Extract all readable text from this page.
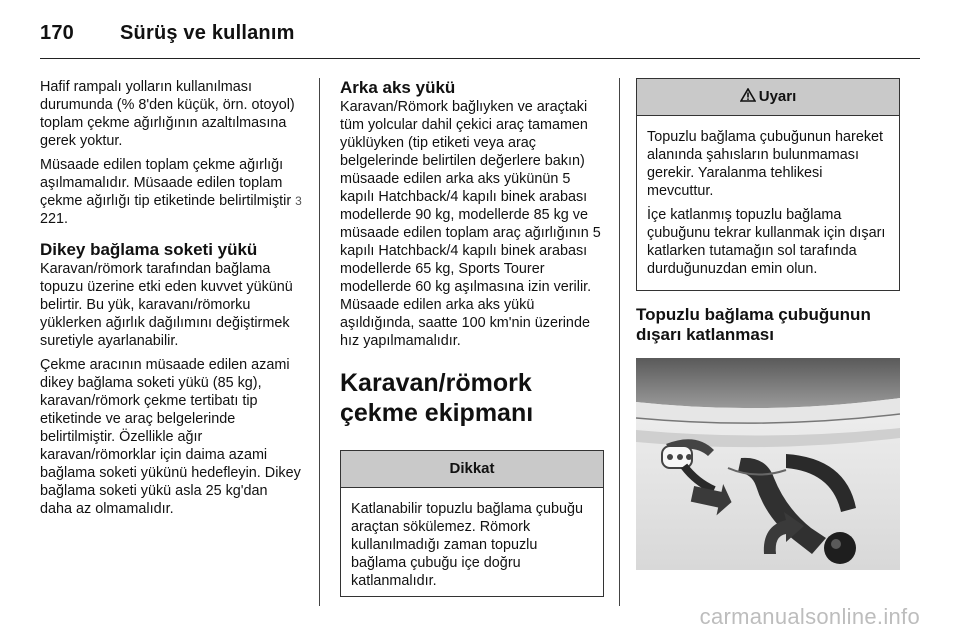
170 Sürüş ve kullanım

Hafif rampalı yolların kullanılması durumunda (% 8'den küçük, örn. otoyol) toplam çekme ağırlığının azaltılmasına gerek yoktur.

Müsaade edilen toplam çekme ağırlığı aşılmamalıdır. Müsaade edilen toplam çekme ağırlığı tip etiketinde belirtilmiştir 3 221.

Dikey bağlama soketi yükü

Karavan/römork tarafından bağlama topuzu üzerine etki eden kuvvet yükünü belirtir. Bu yük, karavanı/römorku yüklerken ağırlık dağılımını değiştirmek suretiyle ayarlanabilir.

Çekme aracının müsaade edilen azami dikey bağlama soketi yükü (85 kg), karavan/römork çekme tertibatı tip etiketinde ve araç belgelerinde belirtilmiştir. Özellikle ağır karavan/römorklar için daima azami bağlama soketi yükünü hedefleyin. Dikey bağlama soketi yükü asla 25 kg'dan daha az olmamalıdır.

Arka aks yükü

Karavan/Römork bağlıyken ve araçtaki tüm yolcular dahil çekici araç tamamen yüklüyken (tip etiketi veya araç belgelerinde belirtilen değerlere bakın) müsaade edilen arka aks yükünün 5 kapılı Hatchback/4 kapılı binek arabası modellerde 90 kg, modellerde 85 kg ve müsaade edilen toplam araç ağırlığının 5 kapılı Hatchback/4 kapılı binek arabası modellerde 65 kg, Sports Tourer modellerde 60 kg aşılmasına izin verilir. Müsaade edilen arka aks yükü aşıldığında, saatte 100 km'nin üzerinde hız yapılmamalıdır.

Karavan/römork çekme ekipmanı
Dikkat
Katlanabilir topuzlu bağlama çubuğu araçtan sökülemez. Römork kullanılmadığı zaman topuzlu bağlama çubuğu içe doğru katlanmalıdır.
Uyarı

Topuzlu bağlama çubuğunun hareket alanında şahısların bulunmaması gerekir. Yaralanma tehlikesi mevcuttur.

İçe katlanmış topuzlu bağlama çubuğunu tekrar kullanmak için dışarı katlarken tutamağın sol tarafında durduğunuzdan emin olun.

Topuzlu bağlama çubuğunun dışarı katlanması
carmanualsonline.info
